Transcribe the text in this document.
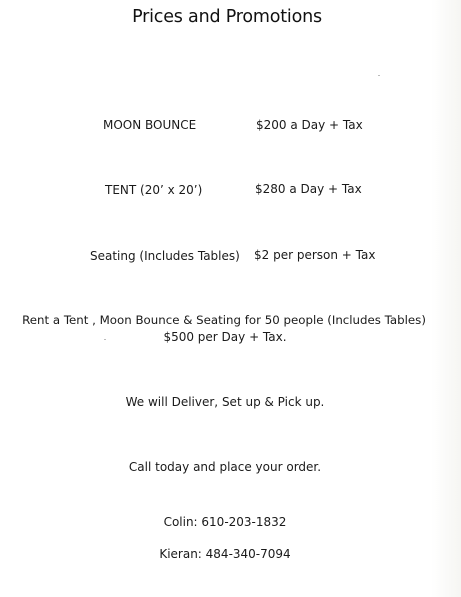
Prices and Promotions
MOON BOUNCE	$200 a Day + Tax
TENT (20’ x 20’)	$280 a Day + Tax
Seating (Includes Tables) $2 per person + Tax
Rent a Tent , Moon Bounce & Seating for 50 people (Includes Tables)
$500 per Day + Tax.
We will Deliver, Set up & Pick up.
Call today and place your order.
Colin: 610-203-1832
Kieran: 484-340-7094
